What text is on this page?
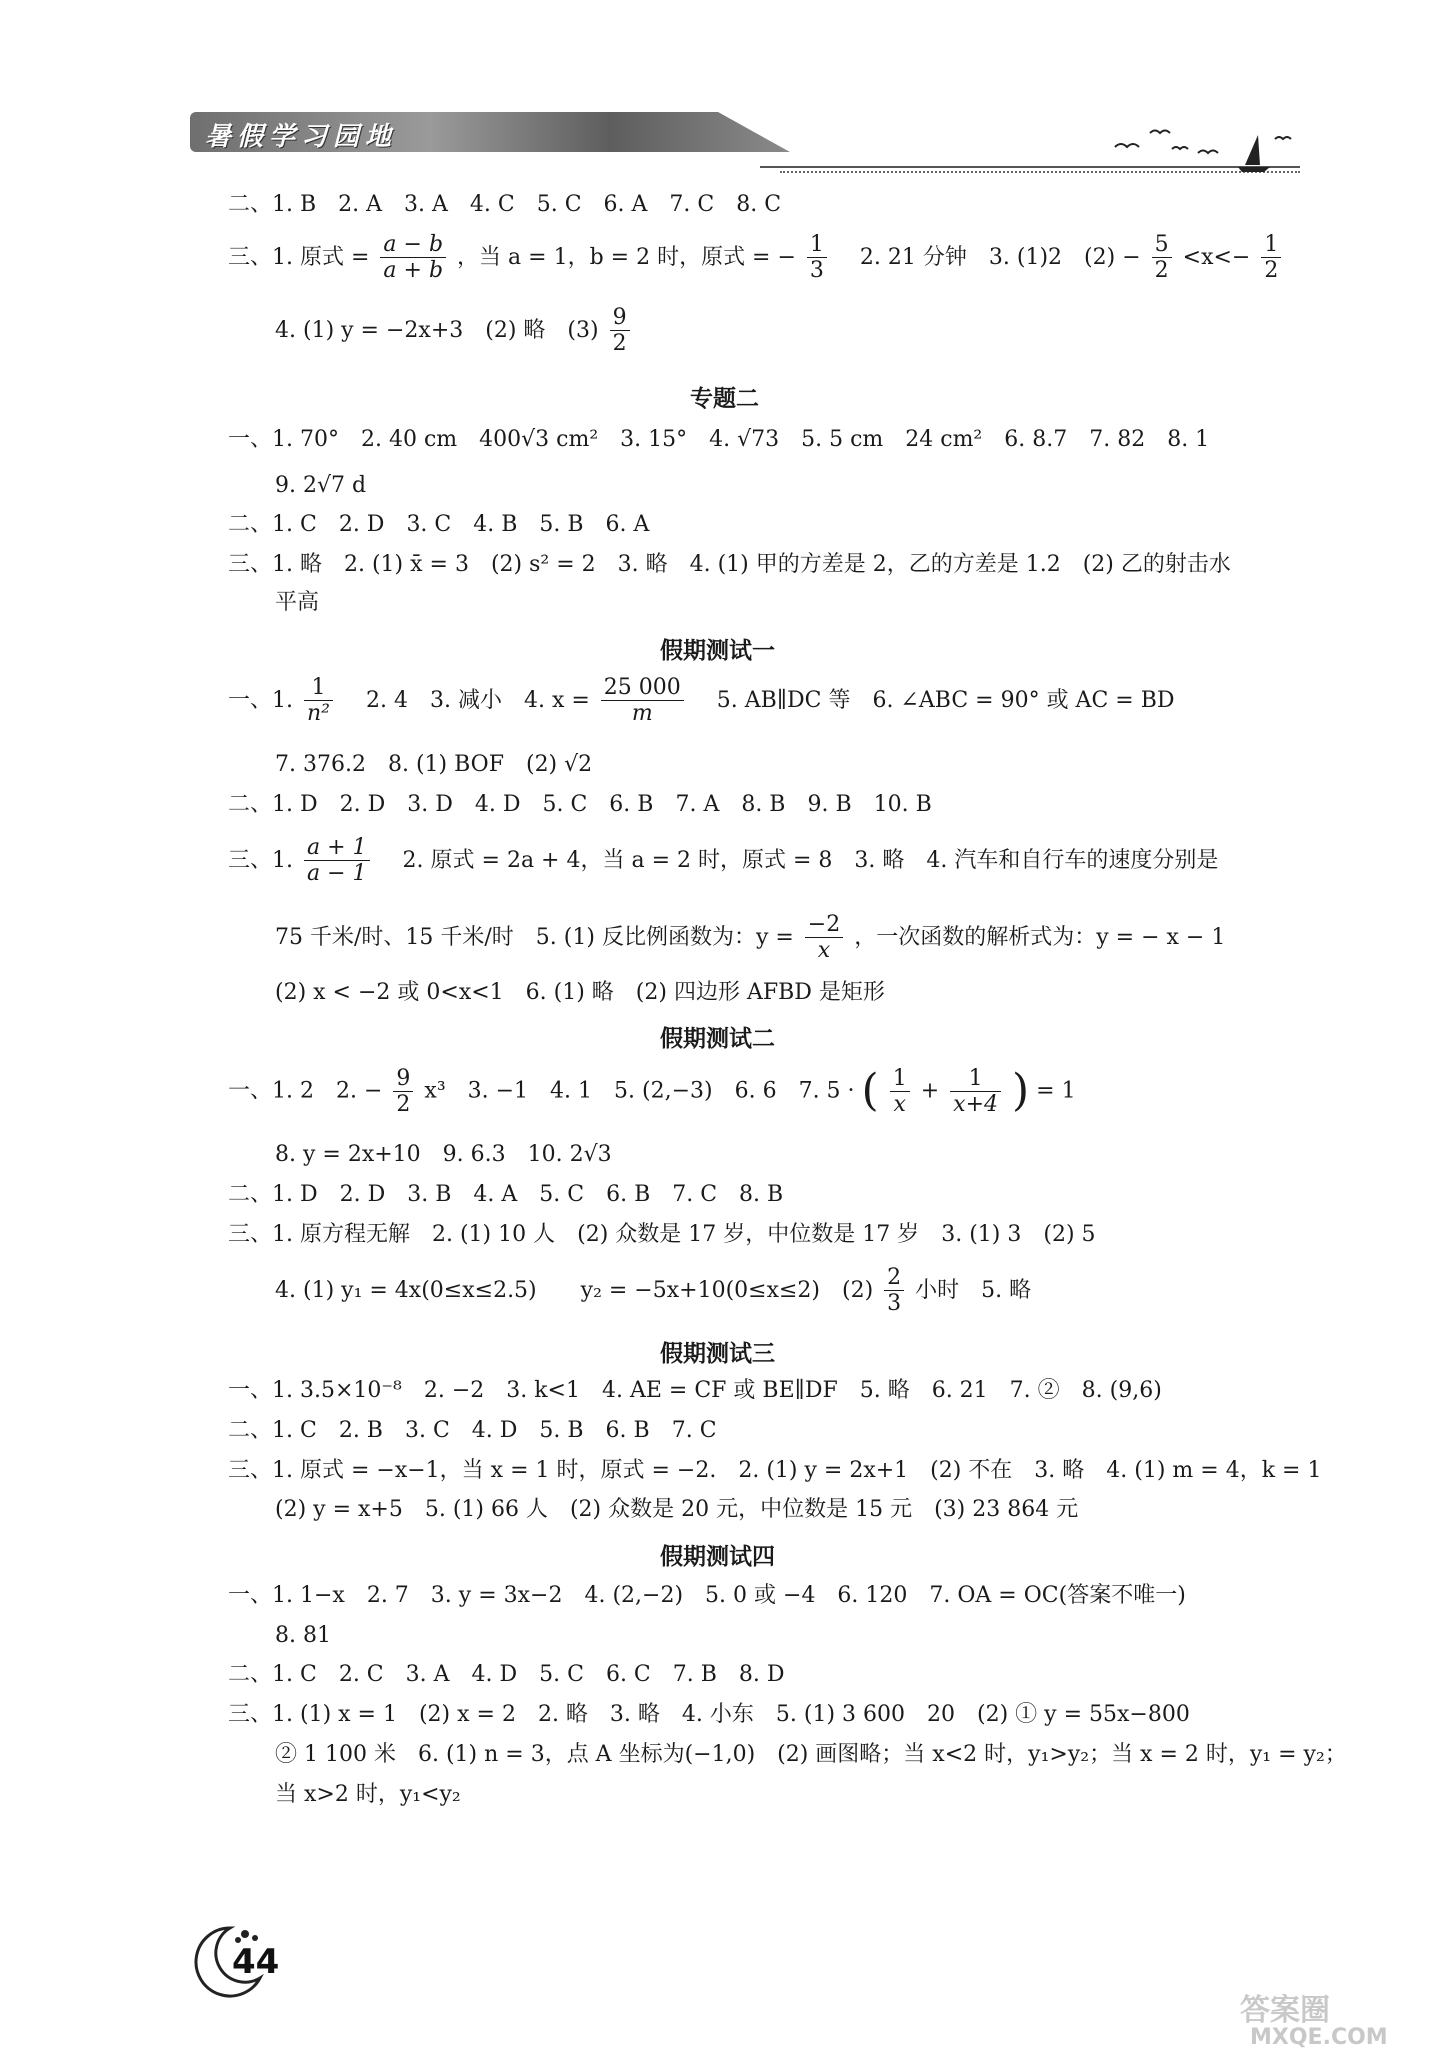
暑假学习园地
二、1. B　2. A　3. A　4. C　5. C　6. A　7. C　8. C
三、1. 原式 = $\frac{a - b}{a + b}$ ，当 a = 1，b = 2 时，原式 = − $\frac{1}{3}$ 　2. 21 分钟　3. (1)2　$(2) - \frac{5}{2} <x<- \frac{1}{2}$
4. (1) y = −2x+3　(2) 略　$(3) \frac{9}{2}$
专题二
一、1. 70°　2. 40 cm　400√3 cm²　3. 15°　4. √73　5. 5 cm　24 cm²　6. 8.7　7. 82　8. 1
9. 2√7 d
二、1. C　2. D　3. C　4. B　5. B　6. A
三、1. 略　2. (1) x̄ = 3　(2) s² = 2　3. 略　4. (1) 甲的方差是 2，乙的方差是 1.2　(2) 乙的射击水
平高
假期测试一
一、1. $\frac{1}{\text{n²}}$ 　2. 4　3. 减小　4. $x = \frac{25 000}{m}$ 　5. AB∥DC 等　6. ∠ABC = 90° 或 AC = BD
7. 376.2　8. (1) BOF　(2) √2
二、1. D　2. D　3. D　4. D　5. C　6. B　7. A　8. B　9. B　10. B
三、1. $\frac{a + 1}{a - 1}$ 　2. 原式 = 2a + 4，当 a = 2 时，原式 = 8　3. 略　4. 汽车和自行车的速度分别是
75 千米/时、15 千米/时　5. (1) 反比例函数为：$y = \frac{-2}{x}$ ，一次函数的解析式为：y = − x − 1
(2) x < −2 或 0<x<1　6. (1) 略　(2) 四边形 AFBD 是矩形
假期测试二
一、1. 2　2. − $\frac{9}{2} x^3$　3. −1　4. 1　5. (2,−3)　6. 6　7. 5 · ( $\frac{1}{x} + \frac{1}{x+4}$ ) = 1
8. y = 2x+10　9. 6.3　10. 2√3
二、1. D　2. D　3. B　4. A　5. C　6. B　7. C　8. B
三、1. 原方程无解　2. (1) 10 人　(2) 众数是 17 岁，中位数是 17 岁　3. (1) 3　(2) 5
4. (1) y₁ = 4x(0≤x≤2.5)　　y₂ = −5x+10(0≤x≤2)　$(2) \frac{2}{3}$ 小时　5. 略
假期测试三
一、1. 3.5×10⁻⁸　2. −2　3. k<1　4. AE = CF 或 BE∥DF　5. 略　6. 21　7. ②　8. (9,6)
二、1. C　2. B　3. C　4. D　5. B　6. B　7. C
三、1. 原式 = −x−1，当 x = 1 时，原式 = −2.　2. (1) y = 2x+1　(2) 不在　3. 略　4. (1) m = 4，k = 1
(2) y = x+5　5. (1) 66 人　(2) 众数是 20 元，中位数是 15 元　(3) 23 864 元
假期测试四
一、1. 1−x　2. 7　3. y = 3x−2　4. (2,−2)　5. 0 或 −4　6. 120　7. OA = OC(答案不唯一)
8. 81
二、1. C　2. C　3. A　4. D　5. C　6. C　7. B　8. D
三、1. (1) x = 1　(2) x = 2　2. 略　3. 略　4. 小东　5. (1) 3 600　20　(2) ① y = 55x−800
② 1 100 米　6. (1) n = 3，点 A 坐标为(−1,0)　(2) 画图略；当 x<2 时，y₁>y₂；当 x = 2 时，y₁ = y₂；
当 x>2 时，y₁<y₂
44
答案圈
MXQE.COM
